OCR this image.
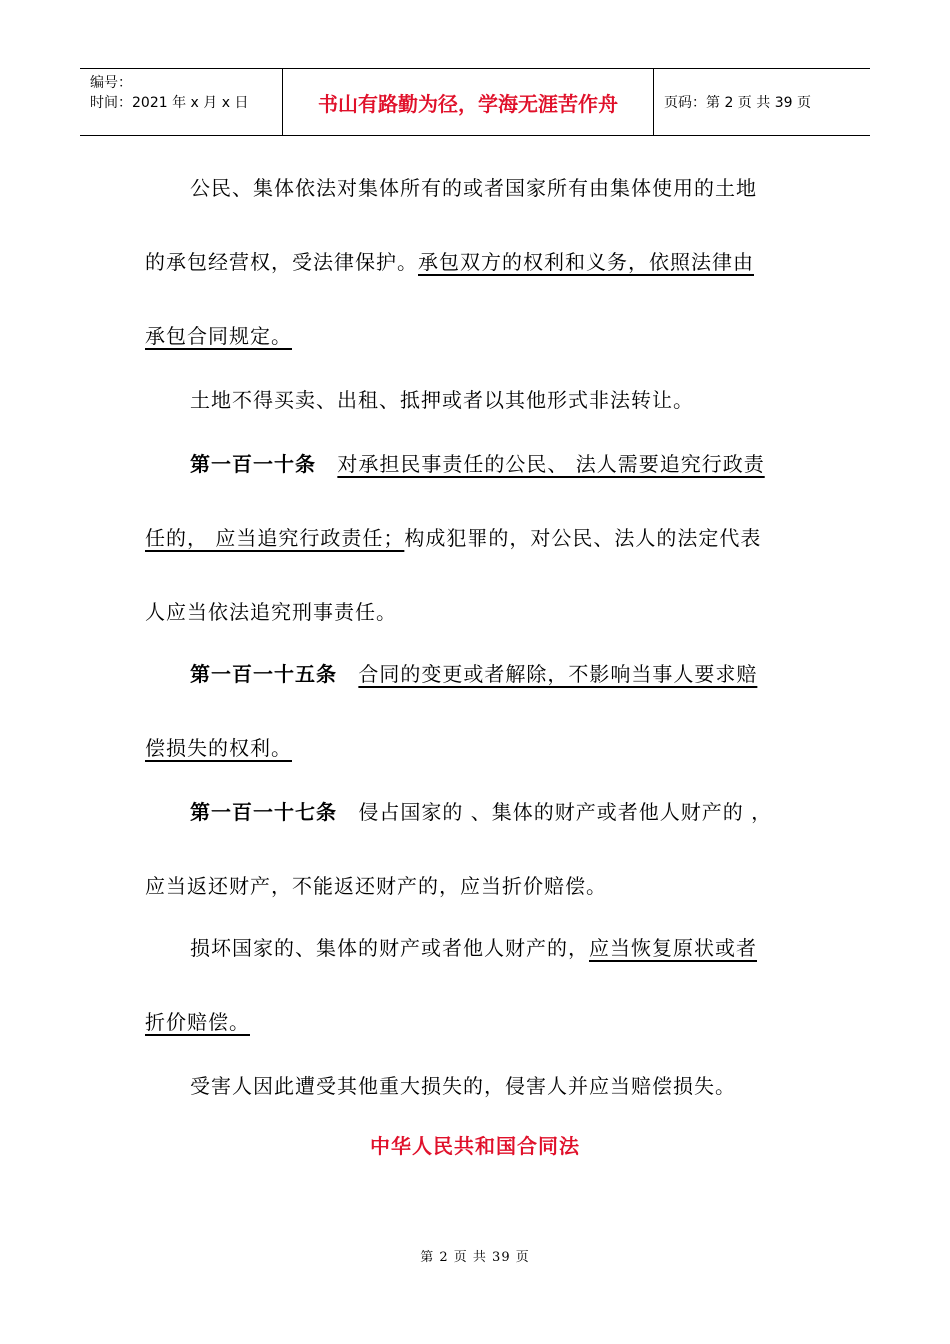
编号：
时间：2021 年 x 月 x 日	书山有路勤为径，学海无涯苦作舟	页码：第 2 页 共 39 页
公民、集体依法对集体所有的或者国家所有由集体使用的土地
的承包经营权，受法律保护。承包双方的权利和义务，依照法律由
承包合同规定。
土地不得买卖、出租、抵押或者以其他形式非法转让。
第一百一十条 对承担民事责任的公民、 法人需要追究行政责
任的， 应当追究行政责任；构成犯罪的，对公民、法人的法定代表
人应当依法追究刑事责任。
第一百一十五条 合同的变更或者解除，不影响当事人要求赔
偿损失的权利。
第一百一十七条 侵占国家的 、集体的财产或者他人财产的 ，
应当返还财产，不能返还财产的，应当折价赔偿。
损坏国家的、集体的财产或者他人财产的，应当恢复原状或者
折价赔偿。
受害人因此遭受其他重大损失的，侵害人并应当赔偿损失。
中华人民共和国合同法
第 2 页 共 39 页
